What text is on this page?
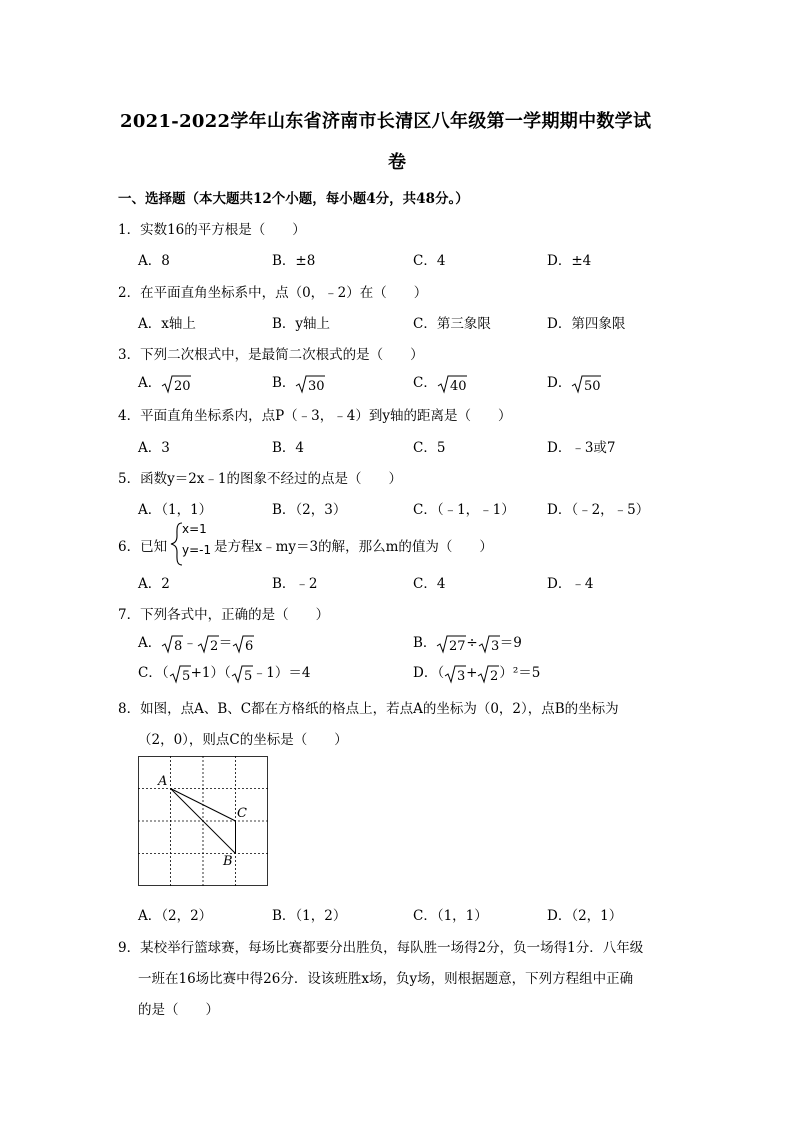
2021-2022学年山东省济南市长清区八年级第一学期期中数学试
卷
一、选择题（本大题共12个小题，每小题4分，共48分。）
1．实数16的平方根是（　　）
A．8	B．±8	C．4	D．±4
2．在平面直角坐标系中，点（0，﹣2）在（　　）
A．x轴上	B．y轴上	C．第三象限	D．第四象限
3．下列二次根式中，是最简二次根式的是（　　）
A． 20	B． 30	C． 40	D． 50
4．平面直角坐标系内，点P（﹣3，﹣4）到y轴的距离是（　　）
A．3	B．4	C．5	D．﹣3或7
5．函数y＝2x﹣1的图象不经过的点是（　　）
A．（1，1）	B．（2，3）	C．（﹣1，﹣1） D．（﹣2，﹣5）
6．已知
x=1
y=-1 是方程x﹣my＝3的解，那么m的值为（　　）
A．2	B．﹣2	C．4	D．﹣4
7．下列各式中，正确的是（　　）
A． 8 ﹣ 2 ＝ 6	B． 27 ÷ 3 ＝9
C．（ 5 +1）（ 5 ﹣1）＝4	D．（ 3 + 2 ）²＝5
8．如图，点A、B、C都在方格纸的格点上，若点A的坐标为（0，2），点B的坐标为
（2，0），则点C的坐标是（　　）
A
C
B
A．（2，2）	B．（1，2）	C．（1，1）	D．（2，1）
9．某校举行篮球赛，每场比赛都要分出胜负，每队胜一场得2分，负一场得1分．八年级
一班在16场比赛中得26分．设该班胜x场，负y场，则根据题意，下列方程组中正确
的是（　　）
